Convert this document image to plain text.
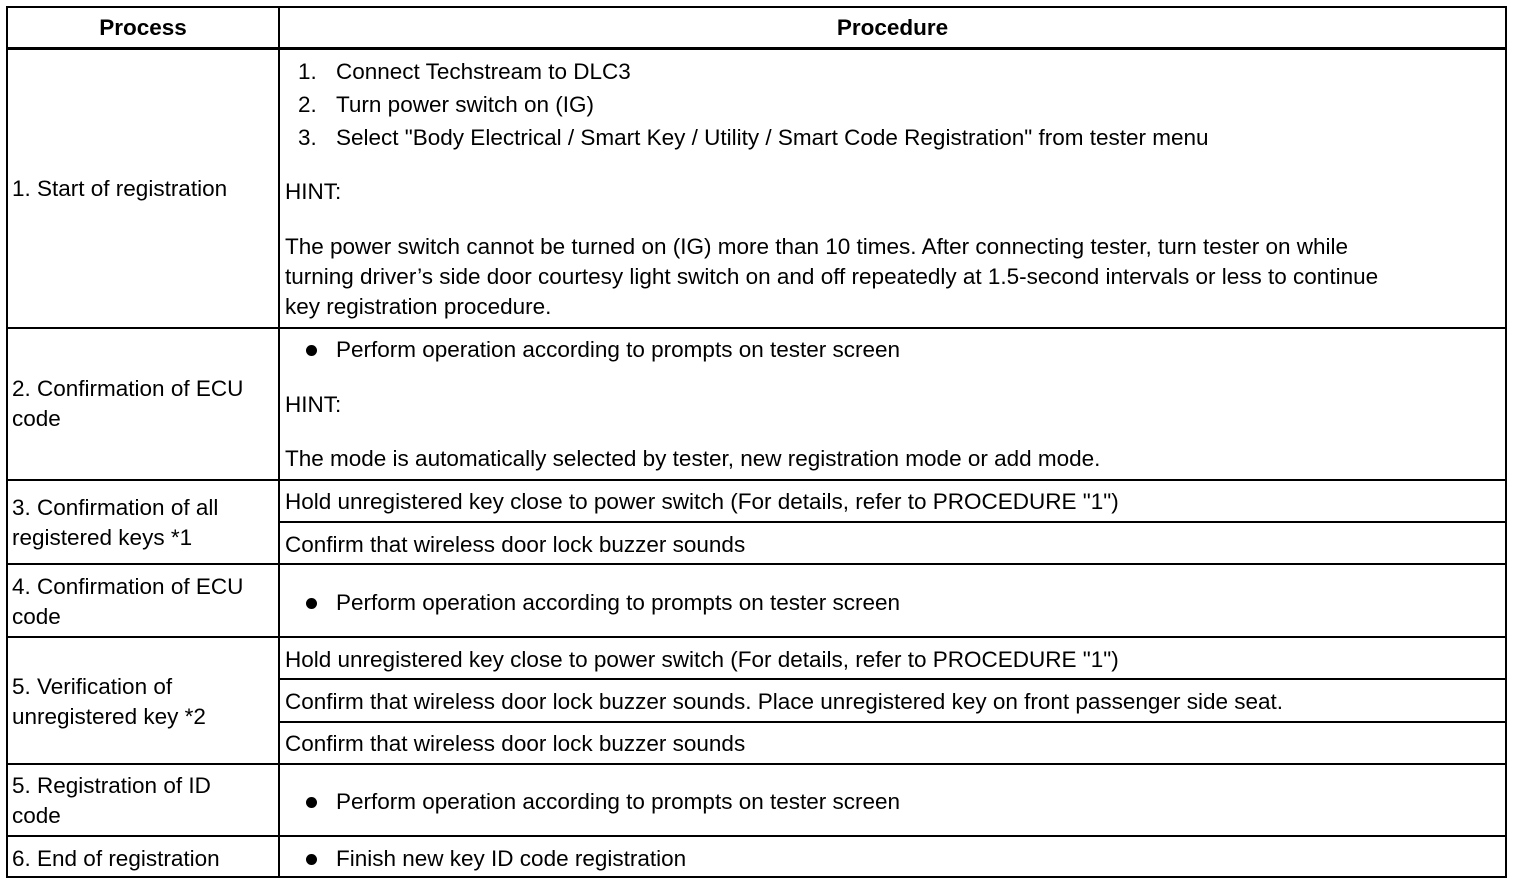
Process	Procedure
1. Start of registration
1. Connect Techstream to DLC3
2. Turn power switch on (IG)
3. Select "Body Electrical / Smart Key / Utility / Smart Code Registration" from tester menu
HINT:
The power switch cannot be turned on (IG) more than 10 times. After connecting tester, turn tester on while
turning driver’s side door courtesy light switch on and off repeatedly at 1.5-second intervals or less to continue
key registration procedure.
2. Confirmation of ECU
code
Perform operation according to prompts on tester screen
HINT:
The mode is automatically selected by tester, new registration mode or add mode.
3. Confirmation of all
registered keys *1
Hold unregistered key close to power switch (For details, refer to PROCEDURE "1")
Confirm that wireless door lock buzzer sounds
4. Confirmation of ECU
code
Perform operation according to prompts on tester screen
5. Verification of
unregistered key *2
Hold unregistered key close to power switch (For details, refer to PROCEDURE "1")
Confirm that wireless door lock buzzer sounds. Place unregistered key on front passenger side seat.
Confirm that wireless door lock buzzer sounds
5. Registration of ID
code
Perform operation according to prompts on tester screen
6. End of registration	Finish new key ID code registration
